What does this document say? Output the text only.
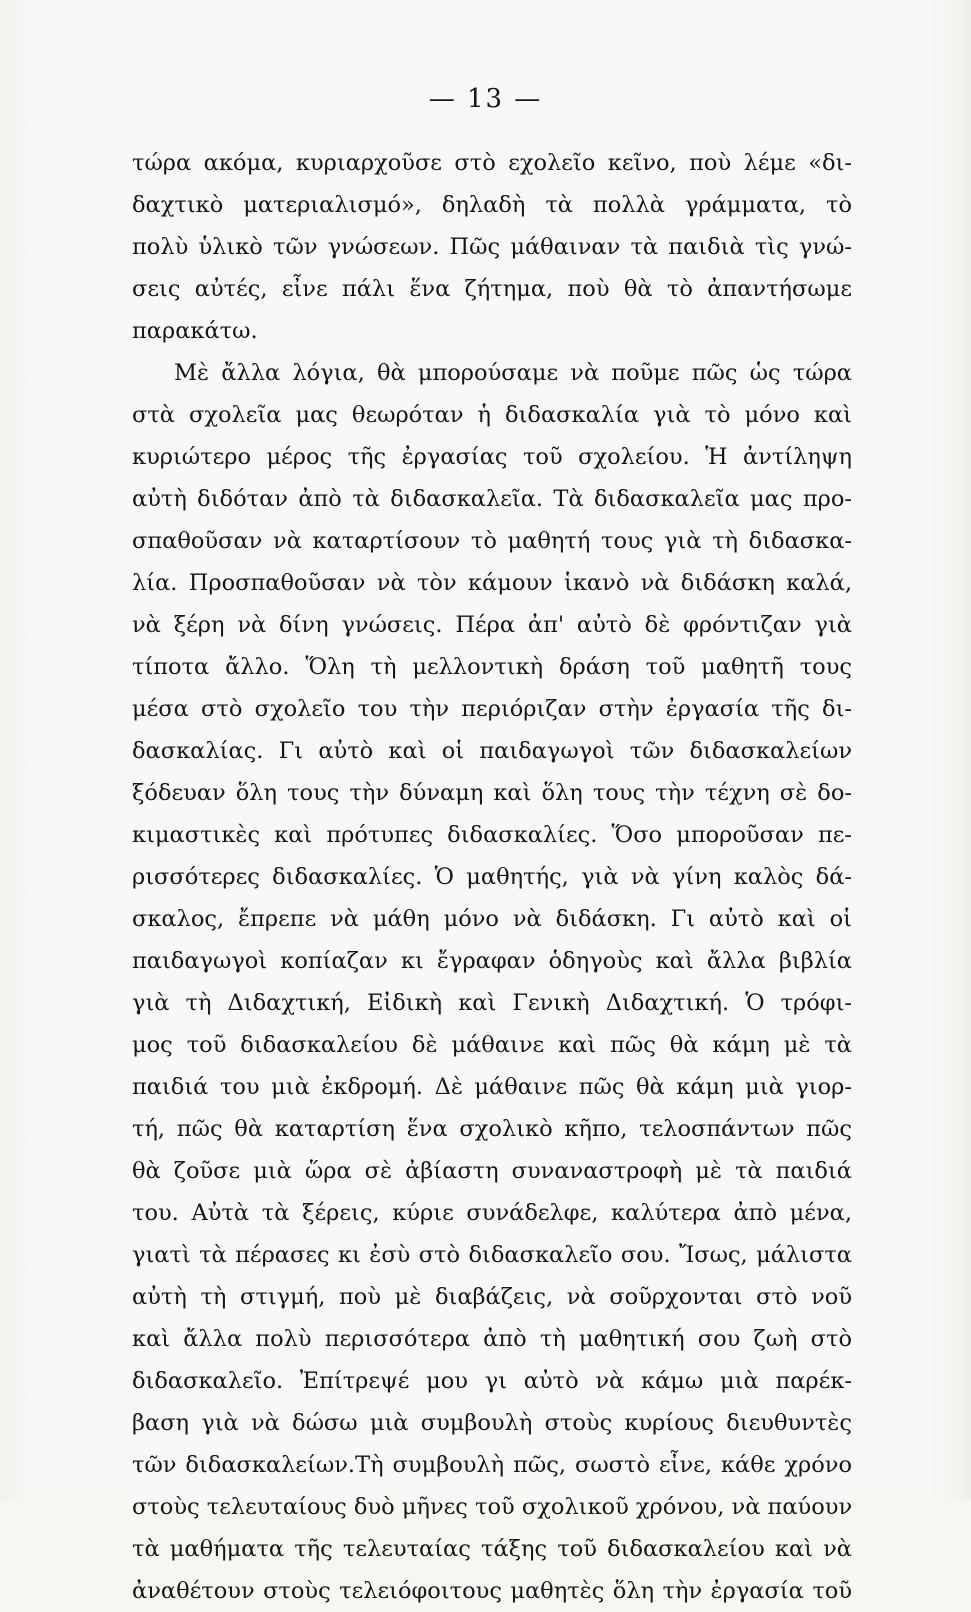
— 13 —
τώρα ακόμα, κυριαρχοῦσε στὸ εχολεῖο κεῖνο, ποὺ λέμε «δι-
δαχτικὸ ματεριαλισμό», δηλαδὴ τὰ πολλὰ γράμματα, τὸ
πολὺ ὑλικὸ τῶν γνώσεων. Πῶς μάθαιναν τὰ παιδιὰ τὶς γνώ-
σεις αὐτές, εἶνε πάλι ἕνα ζήτημα, ποὺ θὰ τὸ ἀπαντήσωμε
παρακάτω.
Μὲ ἄλλα λόγια, θὰ μπορούσαμε νὰ ποῦμε πῶς ὡς τώρα
στὰ σχολεῖα μας θεωρόταν ἡ διδασκαλία γιὰ τὸ μόνο καὶ
κυριώτερο μέρος τῆς ἐργασίας τοῦ σχολείου. Ἡ ἀντίληψη
αὐτὴ διδόταν ἀπὸ τὰ διδασκαλεῖα. Τὰ διδασκαλεῖα μας προ-
σπαθοῦσαν νὰ καταρτίσουν τὸ μαθητή τους γιὰ τὴ διδασκα-
λία. Προσπαθοῦσαν νὰ τὸν κάμουν ἱκανὸ νὰ διδάσκη καλά,
νὰ ξέρη νὰ δίνη γνώσεις. Πέρα ἀπ' αὐτὸ δὲ φρόντιζαν γιὰ
τίποτα ἄλλο. Ὅλη τὴ μελλοντικὴ δράση τοῦ μαθητῆ τους
μέσα στὸ σχολεῖο του τὴν περιόριζαν στὴν ἐργασία τῆς δι-
δασκαλίας. Γι αὐτὸ καὶ οἱ παιδαγωγοὶ τῶν διδασκαλείων
ξόδευαν ὅλη τους τὴν δύναμη καὶ ὅλη τους τὴν τέχνη σὲ δο-
κιμαστικὲς καὶ πρότυπες διδασκαλίες. Ὅσο μποροῦσαν πε-
ρισσότερες διδασκαλίες. Ὁ μαθητής, γιὰ νὰ γίνη καλὸς δά-
σκαλος, ἔπρεπε νὰ μάθη μόνο νὰ διδάσκη. Γι αὐτὸ καὶ οἱ
παιδαγωγοὶ κοπίαζαν κι ἔγραφαν ὁδηγοὺς καὶ ἄλλα βιβλία
γιὰ τὴ Διδαχτική, Εἰδικὴ καὶ Γενικὴ Διδαχτική. Ὁ τρόφι-
μος τοῦ διδασκαλείου δὲ μάθαινε καὶ πῶς θὰ κάμη μὲ τὰ
παιδιά του μιὰ ἐκδρομή. Δὲ μάθαινε πῶς θὰ κάμη μιὰ γιορ-
τή, πῶς θὰ καταρτίση ἕνα σχολικὸ κῆπο, τελοσπάντων πῶς
θὰ ζοῦσε μιὰ ὥρα σὲ ἀβίαστη συναναστροφὴ μὲ τὰ παιδιά
του. Αὐτὰ τὰ ξέρεις, κύριε συνάδελφε, καλύτερα ἀπὸ μένα,
γιατὶ τὰ πέρασες κι ἐσὺ στὸ διδασκαλεῖο σου. Ἴσως, μάλιστα
αὐτὴ τὴ στιγμή, ποὺ μὲ διαβάζεις, νὰ σοῦρχονται στὸ νοῦ
καὶ ἄλλα πολὺ περισσότερα ἀπὸ τὴ μαθητική σου ζωὴ στὸ
διδασκαλεῖο. Ἐπίτρεψέ μου γι αὐτὸ νὰ κάμω μιὰ παρέκ-
βαση γιὰ νὰ δώσω μιὰ συμβουλὴ στοὺς κυρίους διευθυντὲς
τῶν διδασκαλείων.Τὴ συμβουλὴ πῶς, σωστὸ εἶνε, κάθε χρόνο
στοὺς τελευταίους δυὸ μῆνες τοῦ σχολικοῦ χρόνου, νὰ παύουν
τὰ μαθήματα τῆς τελευταίας τάξης τοῦ διδασκαλείου καὶ νὰ
ἀναθέτουν στοὺς τελειόφοιτους μαθητὲς ὅλη τὴν ἐργασία τοῦ
